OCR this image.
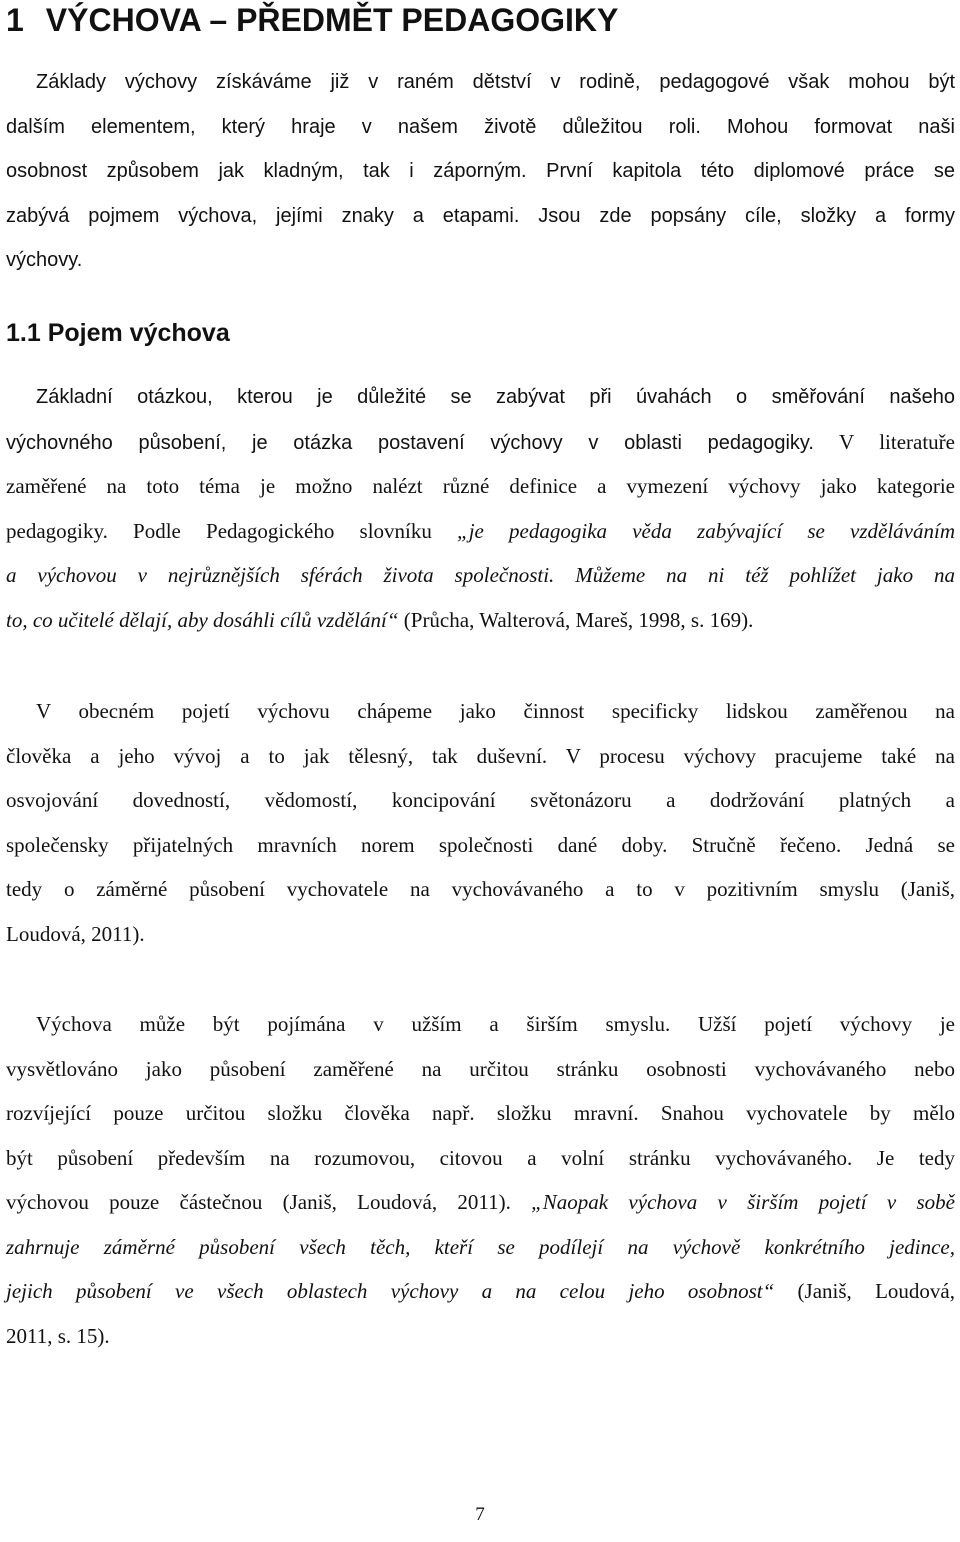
1 VÝCHOVA – PŘEDMĚT PEDAGOGIKY
Základy výchovy získáváme již v raném dětství v rodině, pedagogové však mohou být
dalším elementem, který hraje v našem životě důležitou roli. Mohou formovat naši
osobnost způsobem jak kladným, tak i záporným. První kapitola této diplomové práce se
zabývá pojmem výchova, jejími znaky a etapami. Jsou zde popsány cíle, složky a formy
výchovy.
1.1 Pojem výchova
Základní otázkou, kterou je důležité se zabývat při úvahách o směřování našeho
výchovného působení, je otázka postavení výchovy v oblasti pedagogiky. V literatuře
zaměřené na toto téma je možno nalézt různé definice a vymezení výchovy jako kategorie
pedagogiky. Podle Pedagogického slovníku „je pedagogika věda zabývající se vzděláváním
a výchovou v nejrůznějších sférách života společnosti. Můžeme na ni též pohlížet jako na
to, co učitelé dělají, aby dosáhli cílů vzdělání“ (Průcha, Walterová, Mareš, 1998, s. 169).
V obecném pojetí výchovu chápeme jako činnost specificky lidskou zaměřenou na
člověka a jeho vývoj a to jak tělesný, tak duševní. V procesu výchovy pracujeme také na
osvojování dovedností, vědomostí, koncipování světonázoru a dodržování platných a
společensky přijatelných mravních norem společnosti dané doby. Stručně řečeno. Jedná se
tedy o záměrné působení vychovatele na vychovávaného a to v pozitivním smyslu (Janiš,
Loudová, 2011).
Výchova může být pojímána v užším a širším smyslu. Užší pojetí výchovy je
vysvětlováno jako působení zaměřené na určitou stránku osobnosti vychovávaného nebo
rozvíjející pouze určitou složku člověka např. složku mravní. Snahou vychovatele by mělo
být působení především na rozumovou, citovou a volní stránku vychovávaného. Je tedy
výchovou pouze částečnou (Janiš, Loudová, 2011). „Naopak výchova v širším pojetí v sobě
zahrnuje záměrné působení všech těch, kteří se podílejí na výchově konkrétního jedince,
jejich působení ve všech oblastech výchovy a na celou jeho osobnost“ (Janiš, Loudová,
2011, s. 15).
7
